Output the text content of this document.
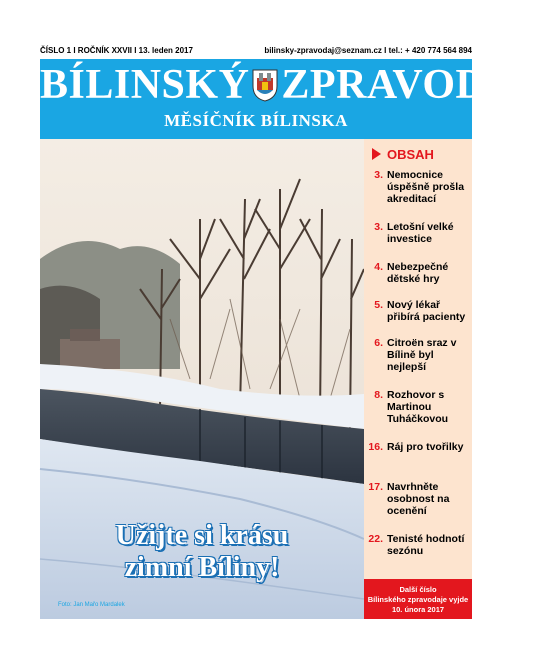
ČÍSLO 1 I ROČNÍK XXVII I 13. leden 2017	bilinsky-zpravodaj@seznam.cz I tel.: + 420 774 564 894
BÍLINSKÝ ZPRAVODAJ
MĚSÍČNÍK BÍLINSKA
OBSAH
3. Nemocnice úspěšně prošla akreditací
3. Letošní velké investice
4. Nebezpečné dětské hry
5. Nový lékař přibírá pacienty
6. Citroën sraz v Bílině byl nejlepší
8. Rozhovor s Martinou Tuháčkovou
16. Ráj pro tvořilky
17. Navrhněte osobnost na ocenění
22. Tenisté hodnotí sezónu
Další číslo
Bílinského zpravodaje vyjde
10. února 2017
Užijte si krásu
zimní Bíliny!
Foto: Jan Mařo Mardalek
